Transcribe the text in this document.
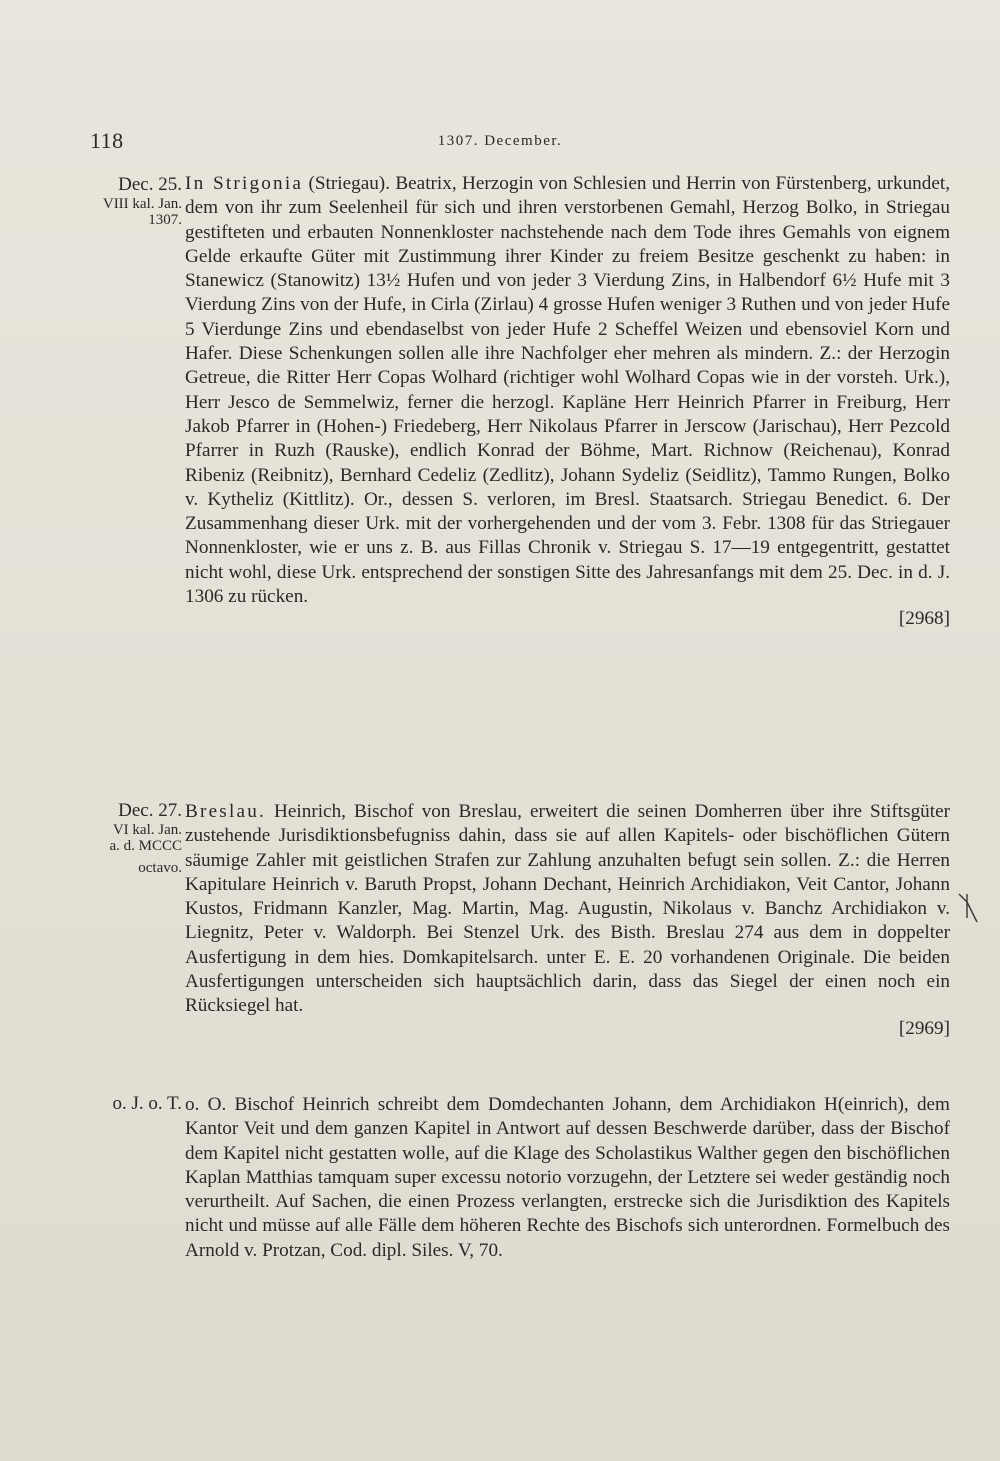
118	1307. December.
Dec. 25.
VIII kal. Jan.
1307.
In Strigonia (Striegau). Beatrix, Herzogin von Schlesien und Herrin von Fürstenberg, urkundet, dem von ihr zum Seelenheil für sich und ihren verstorbenen Gemahl, Herzog Bolko, in Striegau gestifteten und erbauten Nonnenkloster nachstehende nach dem Tode ihres Gemahls von eignem Gelde erkaufte Güter mit Zustimmung ihrer Kinder zu freiem Besitze geschenkt zu haben: in Stanewicz (Stanowitz) 13½ Hufen und von jeder 3 Vierdung Zins, in Halbendorf 6½ Hufe mit 3 Vierdung Zins von der Hufe, in Cirla (Zirlau) 4 grosse Hufen weniger 3 Ruthen und von jeder Hufe 5 Vierdunge Zins und ebendaselbst von jeder Hufe 2 Scheffel Weizen und ebensoviel Korn und Hafer. Diese Schenkungen sollen alle ihre Nachfolger eher mehren als mindern. Z.: der Herzogin Getreue, die Ritter Herr Copas Wolhard (richtiger wohl Wolhard Copas wie in der vorsteh. Urk.), Herr Jesco de Semmelwiz, ferner die herzogl. Kapläne Herr Heinrich Pfarrer in Freiburg, Herr Jakob Pfarrer in (Hohen-) Friedeberg, Herr Nikolaus Pfarrer in Jerscow (Jarischau), Herr Pezcold Pfarrer in Ruzh (Rauske), endlich Konrad der Böhme, Mart. Richnow (Reichenau), Konrad Ribeniz (Reibnitz), Bernhard Cedeliz (Zedlitz), Johann Sydeliz (Seidlitz), Tammo Rungen, Bolko v. Kytheliz (Kittlitz). Or., dessen S. verloren, im Bresl. Staatsarch. Striegau Benedict. 6. Der Zusammenhang dieser Urk. mit der vorhergehenden und der vom 3. Febr. 1308 für das Striegauer Nonnenkloster, wie er uns z. B. aus Fillas Chronik v. Striegau S. 17—19 entgegentritt, gestattet nicht wohl, diese Urk. entsprechend der sonstigen Sitte des Jahresanfangs mit dem 25. Dec. in d. J. 1306 zu rücken.
[2968]
Dec. 27.
VI kal. Jan.
a. d. MCCC
octavo.
Breslau. Heinrich, Bischof von Breslau, erweitert die seinen Domherren über ihre Stiftsgüter zustehende Jurisdiktionsbefugniss dahin, dass sie auf allen Kapitels- oder bischöflichen Gütern säumige Zahler mit geistlichen Strafen zur Zahlung anzuhalten befugt sein sollen. Z.: die Herren Kapitulare Heinrich v. Baruth Propst, Johann Dechant, Heinrich Archidiakon, Veit Cantor, Johann Kustos, Fridmann Kanzler, Mag. Martin, Mag. Augustin, Nikolaus v. Banchz Archidiakon v. Liegnitz, Peter v. Waldorph. Bei Stenzel Urk. des Bisth. Breslau 274 aus dem in doppelter Ausfertigung in dem hies. Domkapitelsarch. unter E. E. 20 vorhandenen Originale. Die beiden Ausfertigungen unterscheiden sich hauptsächlich darin, dass das Siegel der einen noch ein Rücksiegel hat.
[2969]
o. J. o. T. o. O. Bischof Heinrich schreibt dem Domdechanten Johann, dem Archidiakon H(einrich), dem Kantor Veit und dem ganzen Kapitel in Antwort auf dessen Beschwerde darüber, dass der Bischof dem Kapitel nicht gestatten wolle, auf die Klage des Scholastikus Walther gegen den bischöflichen Kaplan Matthias tamquam super excessu notorio vorzugehn, der Letztere sei weder geständig noch verurtheilt. Auf Sachen, die einen Prozess verlangten, erstrecke sich die Jurisdiktion des Kapitels nicht und müsse auf alle Fälle dem höheren Rechte des Bischofs sich unterordnen. Formelbuch des Arnold v. Protzan, Cod. dipl. Siles. V, 70.
